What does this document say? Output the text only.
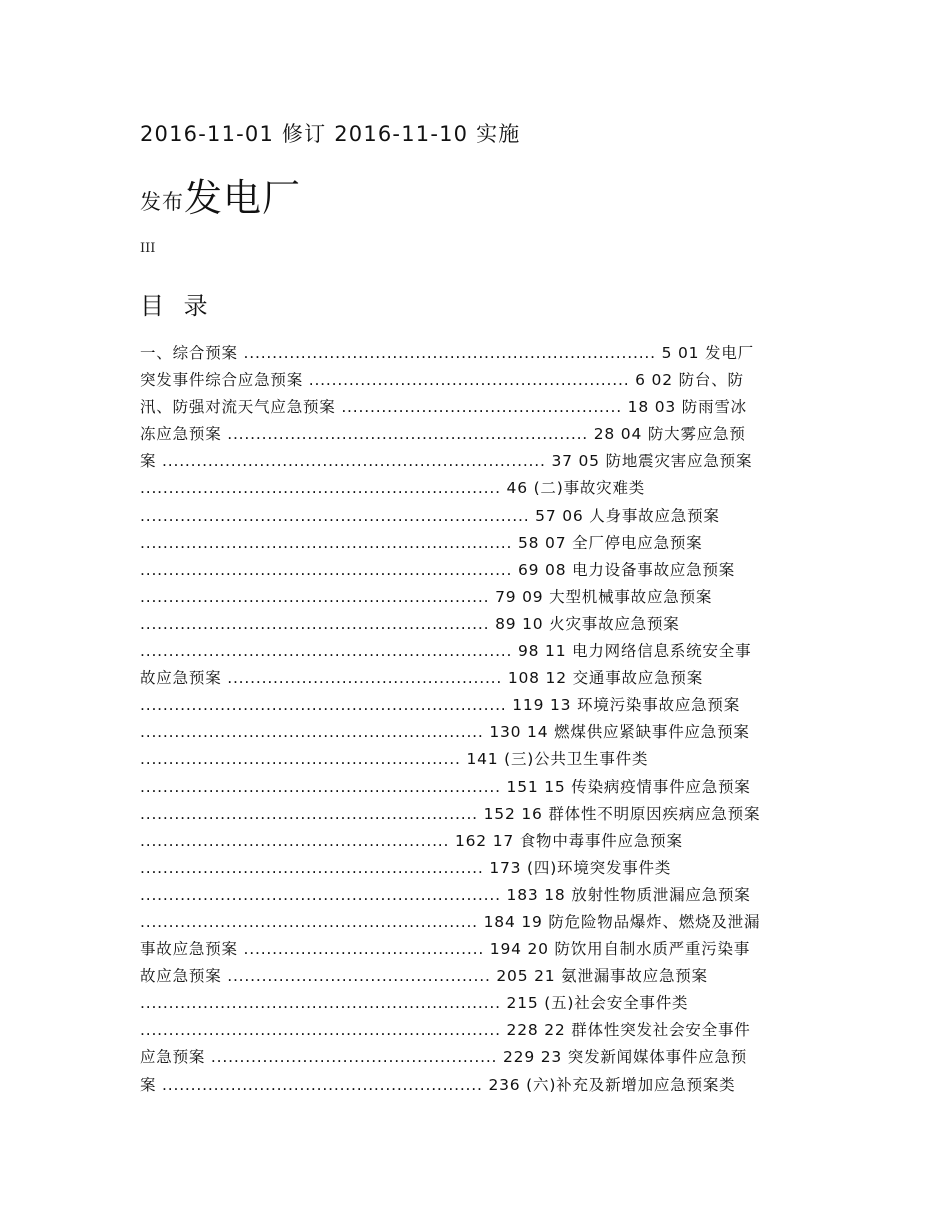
2016-11-01 修订 2016-11-10 实施
发布发电厂
III
目 录
一、综合预案 ........................................................................ 5 01 发电厂
突发事件综合应急预案 ........................................................ 6 02 防台、防
汛、防强对流天气应急预案 ................................................. 18 03 防雨雪冰
冻应急预案 ............................................................... 28 04 防大雾应急预
案 ................................................................... 37 05 防地震灾害应急预案
............................................................... 46 (二)事故灾难类
.................................................................... 57 06 人身事故应急预案
................................................................. 58 07 全厂停电应急预案
................................................................. 69 08 电力设备事故应急预案
............................................................. 79 09 大型机械事故应急预案
............................................................. 89 10 火灾事故应急预案
................................................................. 98 11 电力网络信息系统安全事
故应急预案 ................................................ 108 12 交通事故应急预案
................................................................ 119 13 环境污染事故应急预案
............................................................ 130 14 燃煤供应紧缺事件应急预案
........................................................ 141 (三)公共卫生事件类
............................................................... 151 15 传染病疫情事件应急预案
........................................................... 152 16 群体性不明原因疾病应急预案
...................................................... 162 17 食物中毒事件应急预案
............................................................ 173 (四)环境突发事件类
............................................................... 183 18 放射性物质泄漏应急预案
........................................................... 184 19 防危险物品爆炸、燃烧及泄漏
事故应急预案 .......................................... 194 20 防饮用自制水质严重污染事
故应急预案 .............................................. 205 21 氨泄漏事故应急预案
............................................................... 215 (五)社会安全事件类
............................................................... 228 22 群体性突发社会安全事件
应急预案 .................................................. 229 23 突发新闻媒体事件应急预
案 ........................................................ 236 (六)补充及新增加应急预案类
